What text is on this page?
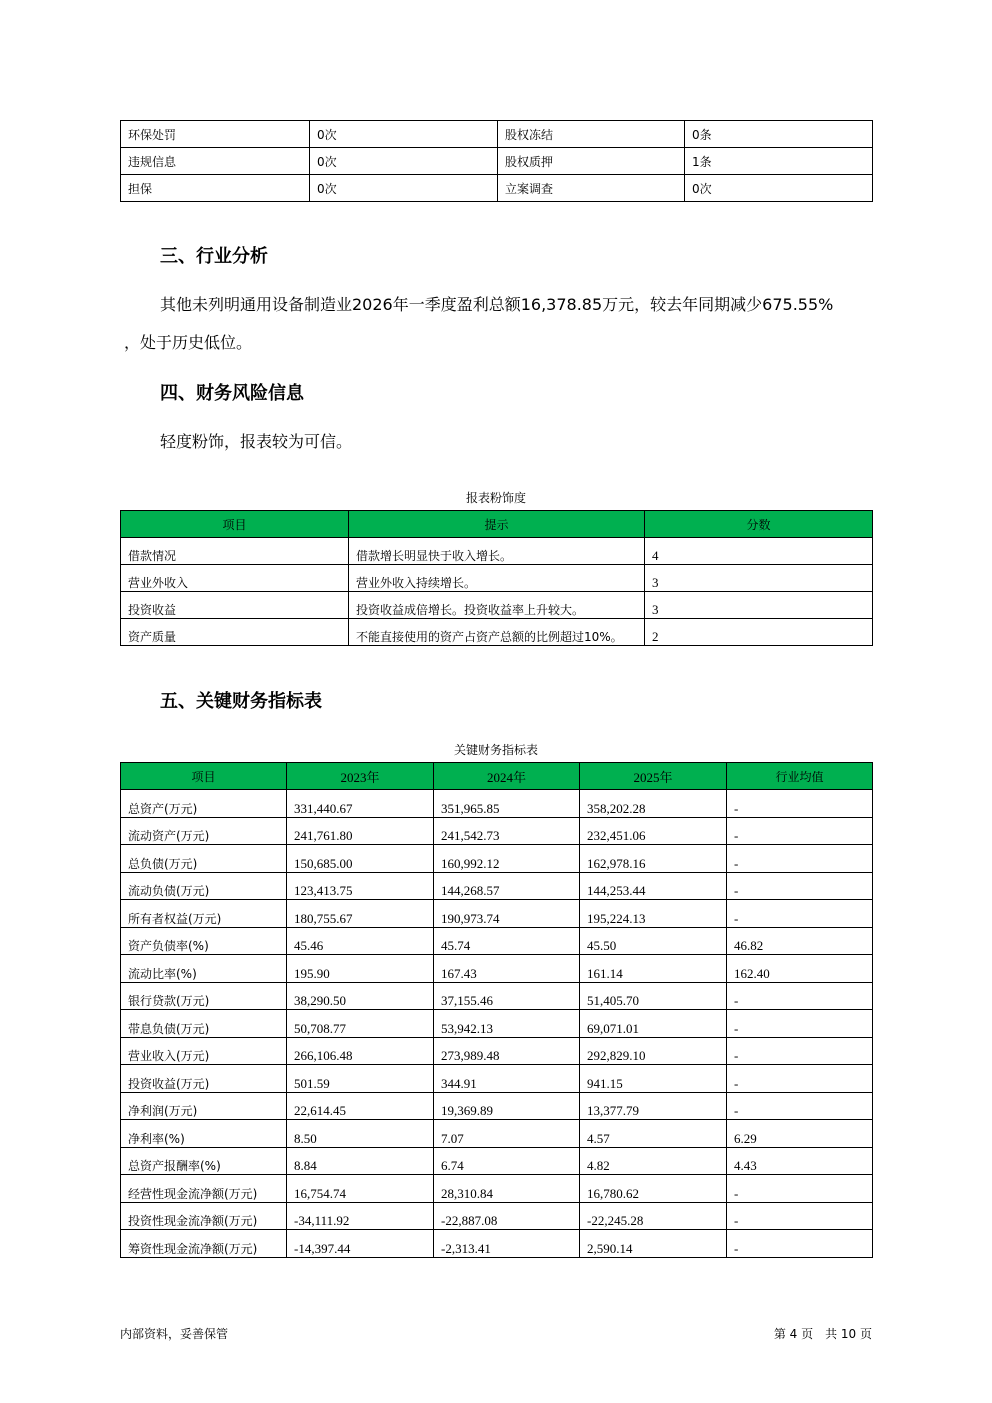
环保处罚	0次	股权冻结	0条
违规信息	0次	股权质押	1条
担保	0次	立案调查	0次
三、行业分析
其他未列明通用设备制造业2026年一季度盈利总额16,378.85万元，较去年同期减少675.55%
，处于历史低位。
四、财务风险信息
轻度粉饰，报表较为可信。
报表粉饰度
项目	提示	分数
借款情况	借款增长明显快于收入增长。	4
营业外收入	营业外收入持续增长。	3
投资收益	投资收益成倍增长。投资收益率上升较大。	3
资产质量	不能直接使用的资产占资产总额的比例超过10%。	2
五、关键财务指标表
关键财务指标表
项目	2023年	2024年	2025年	行业均值
总资产(万元)	331,440.67	351,965.85	358,202.28	-
流动资产(万元)	241,761.80	241,542.73	232,451.06	-
总负债(万元)	150,685.00	160,992.12	162,978.16	-
流动负债(万元)	123,413.75	144,268.57	144,253.44	-
所有者权益(万元)	180,755.67	190,973.74	195,224.13	-
资产负债率(%)	45.46	45.74	45.50	46.82
流动比率(%)	195.90	167.43	161.14	162.40
银行贷款(万元)	38,290.50	37,155.46	51,405.70	-
带息负债(万元)	50,708.77	53,942.13	69,071.01	-
营业收入(万元)	266,106.48	273,989.48	292,829.10	-
投资收益(万元)	501.59	344.91	941.15	-
净利润(万元)	22,614.45	19,369.89	13,377.79	-
净利率(%)	8.50	7.07	4.57	6.29
总资产报酬率(%)	8.84	6.74	4.82	4.43
经营性现金流净额(万元)	16,754.74	28,310.84	16,780.62	-
投资性现金流净额(万元)	-34,111.92	-22,887.08	-22,245.28	-
筹资性现金流净额(万元)	-14,397.44	-2,313.41	2,590.14	-
内部资料，妥善保管	第 4 页　共 10 页
